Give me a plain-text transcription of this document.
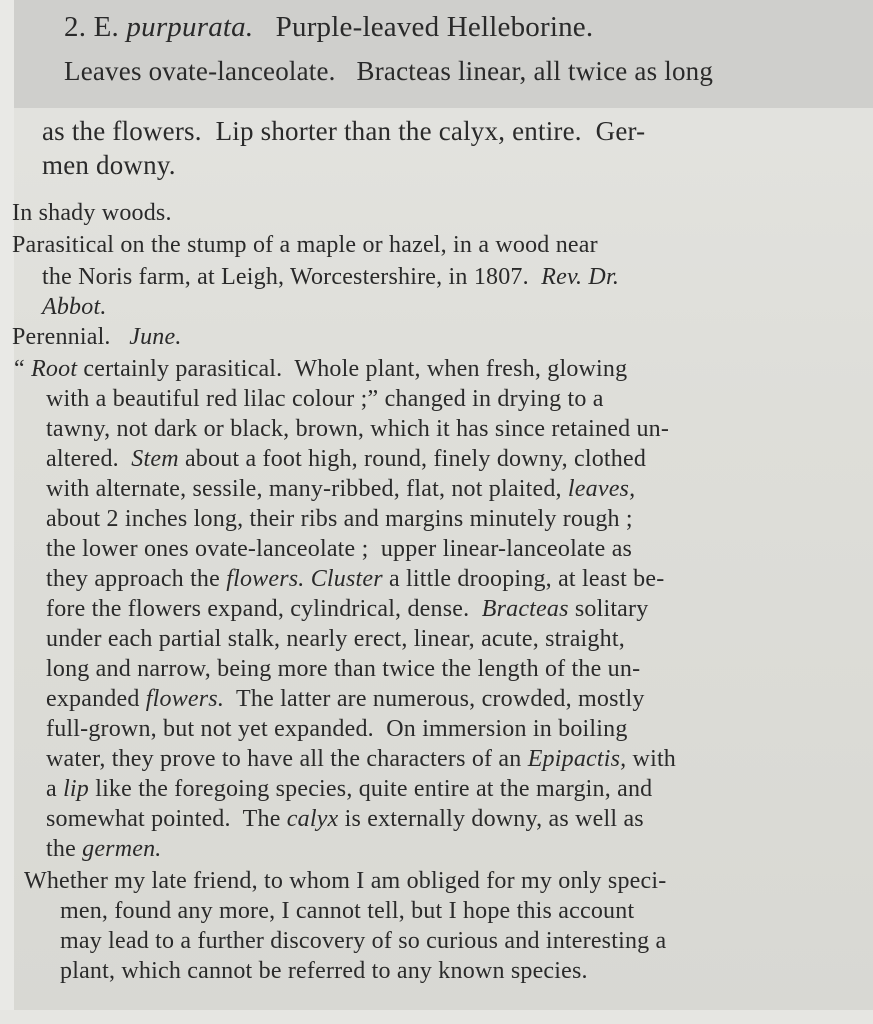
2. E. purpurata. Purple-leaved Helleborine.
Leaves ovate-lanceolate.   Bracteas linear, all twice as long
as the flowers.  Lip shorter than the calyx, entire.  Ger-
men downy.
In shady woods.
Parasitical on the stump of a maple or hazel, in a wood near
the Noris farm, at Leigh, Worcestershire, in 1807. Rev. Dr.
Abbot.
Perennial. June.
“ Root certainly parasitical.  Whole plant, when fresh, glowing
with a beautiful red lilac colour ;” changed in drying to a
tawny, not dark or black, brown, which it has since retained un-
altered.  Stem about a foot high, round, finely downy, clothed
with alternate, sessile, many-ribbed, flat, not plaited, leaves,
about 2 inches long, their ribs and margins minutely rough ;
the lower ones ovate-lanceolate ;  upper linear-lanceolate as
they approach the flowers. Cluster a little drooping, at least be-
fore the flowers expand, cylindrical, dense.  Bracteas solitary
under each partial stalk, nearly erect, linear, acute, straight,
long and narrow, being more than twice the length of the un-
expanded flowers.  The latter are numerous, crowded, mostly
full-grown, but not yet expanded.  On immersion in boiling
water, they prove to have all the characters of an Epipactis, with
a lip like the foregoing species, quite entire at the margin, and
somewhat pointed.  The calyx is externally downy, as well as
the germen.
Whether my late friend, to whom I am obliged for my only speci-
men, found any more, I cannot tell, but I hope this account
may lead to a further discovery of so curious and interesting a
plant, which cannot be referred to any known species.
